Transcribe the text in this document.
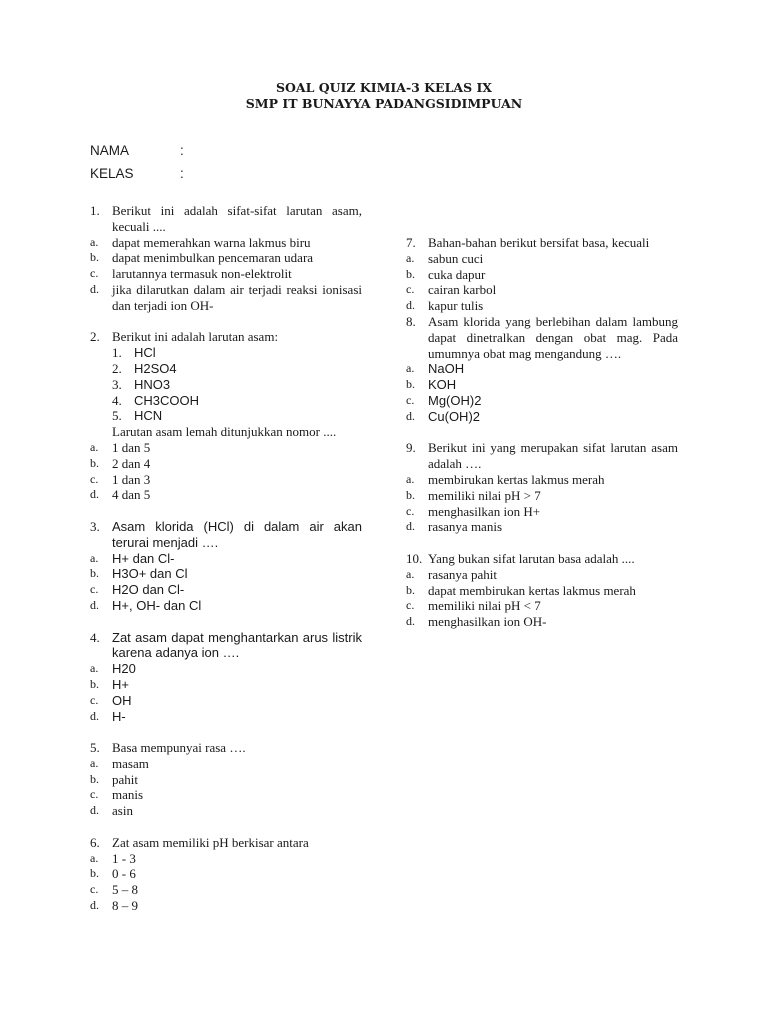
SOAL QUIZ KIMIA-3 KELAS IX
SMP IT BUNAYYA PADANGSIDIMPUAN
NAMA	:
KELAS	:
1. Berikut ini adalah sifat-sifat larutan asam, kecuali ....
a.	dapat memerahkan warna lakmus biru
b.	dapat menimbulkan pencemaran udara
c.	larutannya termasuk non-elektrolit
d.	jika dilarutkan dalam air terjadi reaksi ionisasi dan terjadi ion OH-
2. Berikut ini adalah larutan asam:
1. HCl
2. H2SO4
3. HNO3
4. CH3COOH
5. HCN
Larutan asam lemah ditunjukkan nomor ....
a.	1 dan 5
b.	2 dan 4
c.	1 dan 3
d.	4 dan 5
3. Asam klorida (HCl) di dalam air akan terurai menjadi ….
a.	H+ dan Cl-
b.	H3O+ dan Cl
c.	H2O dan Cl-
d.	H+, OH- dan Cl
4. Zat asam dapat menghantarkan arus listrik karena adanya ion ….
a.	H20
b.	H+
c.	OH
d.	H-
5. Basa mempunyai rasa ….
a.	masam
b.	pahit
c.	manis
d.	asin
6. Zat asam memiliki pH berkisar antara
a.	1 - 3
b.	0 - 6
c.	5 – 8
d.	8 – 9
7. Bahan-bahan berikut bersifat basa, kecuali
a.	sabun cuci
b.	cuka dapur
c.	cairan karbol
d.	kapur tulis
8. Asam klorida yang berlebihan dalam lambung dapat dinetralkan dengan obat mag. Pada umumnya obat mag mengandung ….
a.	NaOH
b.	KOH
c.	Mg(OH)2
d.	Cu(OH)2
9. Berikut ini yang merupakan sifat larutan asam adalah ….
a.	membirukan kertas lakmus merah
b.	memiliki nilai pH > 7
c.	menghasilkan ion H+
d.	rasanya manis
10. Yang bukan sifat larutan basa adalah ....
a.	rasanya pahit
b.	dapat membirukan kertas lakmus merah
c.	memiliki nilai pH < 7
d.	menghasilkan ion OH-
